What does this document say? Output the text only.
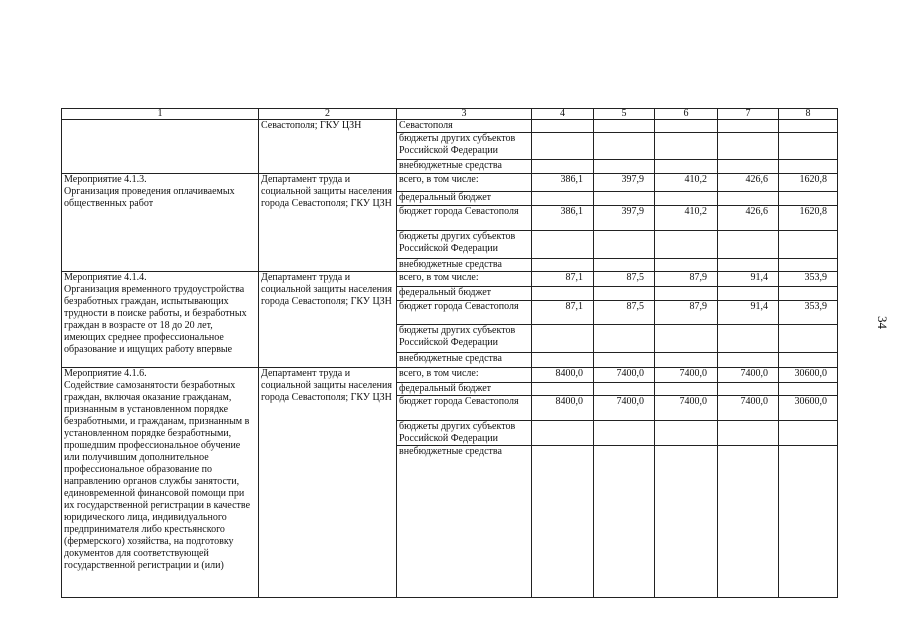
1	2	3	4	5	6	7	8
	Севастополя; ГКУ ЦЗН	Севастополя					
		бюджеты других субъектов Российской Федерации					
		внебюджетные средства					
Мероприятие 4.1.3.
Организация проведения оплачиваемых общественных работ	Департамент труда и социальной защиты населения города Севастополя; ГКУ ЦЗН	всего, в том числе:	386,1	397,9	410,2	426,6	1620,8
		федеральный бюджет					
		бюджет города Севастополя	386,1	397,9	410,2	426,6	1620,8
		бюджеты других субъектов Российской Федерации					
		внебюджетные средства					
Мероприятие 4.1.4.
Организация временного трудоустройства безработных граждан, испытывающих трудности в поиске работы, и безработных граждан в возрасте от 18 до 20 лет, имеющих среднее профессиональное образование и ищущих работу впервые	Департамент труда и социальной защиты населения города Севастополя; ГКУ ЦЗН	всего, в том числе:	87,1	87,5	87,9	91,4	353,9
		федеральный бюджет					
		бюджет города Севастополя	87,1	87,5	87,9	91,4	353,9
		бюджеты других субъектов Российской Федерации					
		внебюджетные средства					
Мероприятие 4.1.6.
Содействие самозанятости безработных граждан, включая оказание гражданам, признанным в установленном порядке безработными, и гражданам, признанным в установленном порядке безработными, прошедшим профессиональное обучение или получившим дополнительное профессиональное образование по направлению органов службы занятости, единовременной финансовой помощи при их государственной регистрации в качестве юридического лица, индивидуального предпринимателя либо крестьянского (фермерского) хозяйства, на подготовку документов для соответствующей государственной регистрации и (или)	Департамент труда и социальной защиты населения города Севастополя; ГКУ ЦЗН	всего, в том числе:	8400,0	7400,0	7400,0	7400,0	30600,0
		федеральный бюджет					
		бюджет города Севастополя	8400,0	7400,0	7400,0	7400,0	30600,0
		бюджеты других субъектов Российской Федерации					
		внебюджетные средства					
34
